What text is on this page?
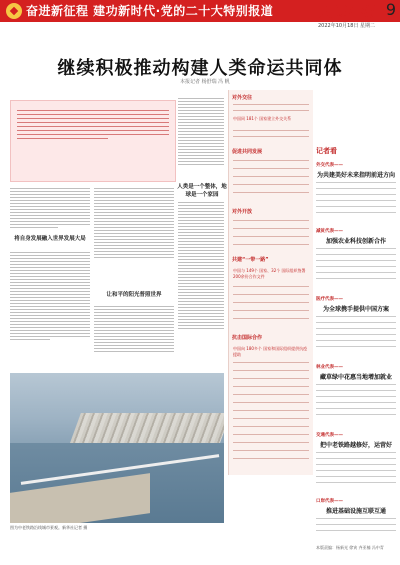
奋进新征程 建功新时代·党的二十大特别报道	人民日报 9
2022年10月18日 星期二
继续积极推动构建人类命运共同体
本报记者 杨舒瑞 冯 帆
将自身发展融入世界发展大局
让和平的阳光普照世界
人类是一个整体，地球是一个家园
对外交往
中国同 181个 国家建立外交关系
促进共同发展
对外开放
共建“一带一路”
中国与 149个 国家、32个 国际组织签署200余份合作文件
抗击国际合作
中国向 180多个 国家和国际组织提供抗疫援助
记者看
外交代表——
为共建美好未来指明前进方向
减贫代表——
加强农业科技创新合作
医疗代表——
为全球携手提供中国方案
林业代表——
藏草绿中花惠当地增加就业
交通代表——
把中老铁路越修好，运营好
口岸代表——
推进基础设施互联互通
图为中老铁路沿线城市景观。新华社记者 摄
本版责编：杨新光 徐寅 齐亚楠 冯中青
